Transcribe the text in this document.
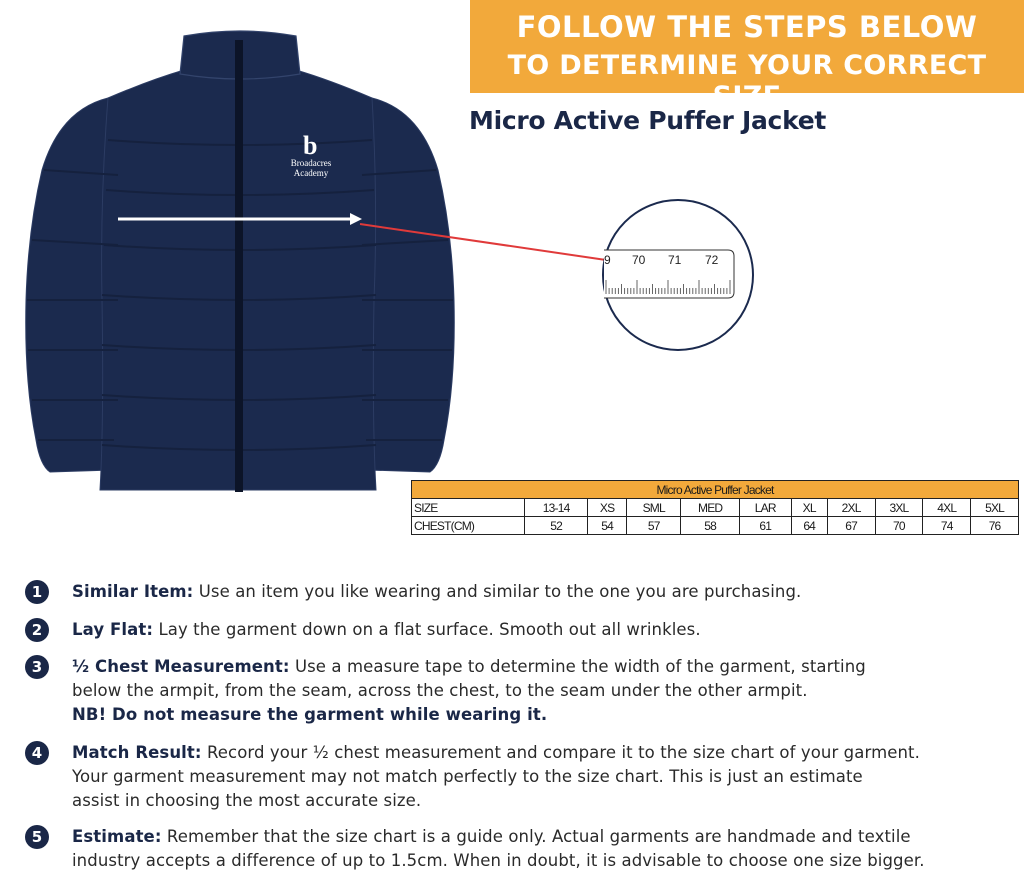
FOLLOW THE STEPS BELOW
TO DETERMINE YOUR CORRECT SIZE
Micro Active Puffer Jacket
9 70 71 72
b
Broadacres
Academy
Micro Active Puffer Jacket										
SIZE	13-14	XS	SML	MED	LAR	XL	2XL	3XL	4XL	5XL
CHEST(CM)	52	54	57	58	61	64	67	70	74	76
1	Similar Item: Use an item you like wearing and similar to the one you are purchasing.
2	Lay Flat: Lay the garment down on a flat surface. Smooth out all wrinkles.
3	½ Chest Measurement: Use a measure tape to determine the width of the garment, starting
below the armpit, from the seam, across the chest, to the seam under the other armpit.
NB! Do not measure the garment while wearing it.
4	Match Result: Record your ½ chest measurement and compare it to the size chart of your garment.
Your garment measurement may not match perfectly to the size chart. This is just an estimate
assist in choosing the most accurate size.
5	Estimate: Remember that the size chart is a guide only. Actual garments are handmade and textile
industry accepts a difference of up to 1.5cm. When in doubt, it is advisable to choose one size bigger.
